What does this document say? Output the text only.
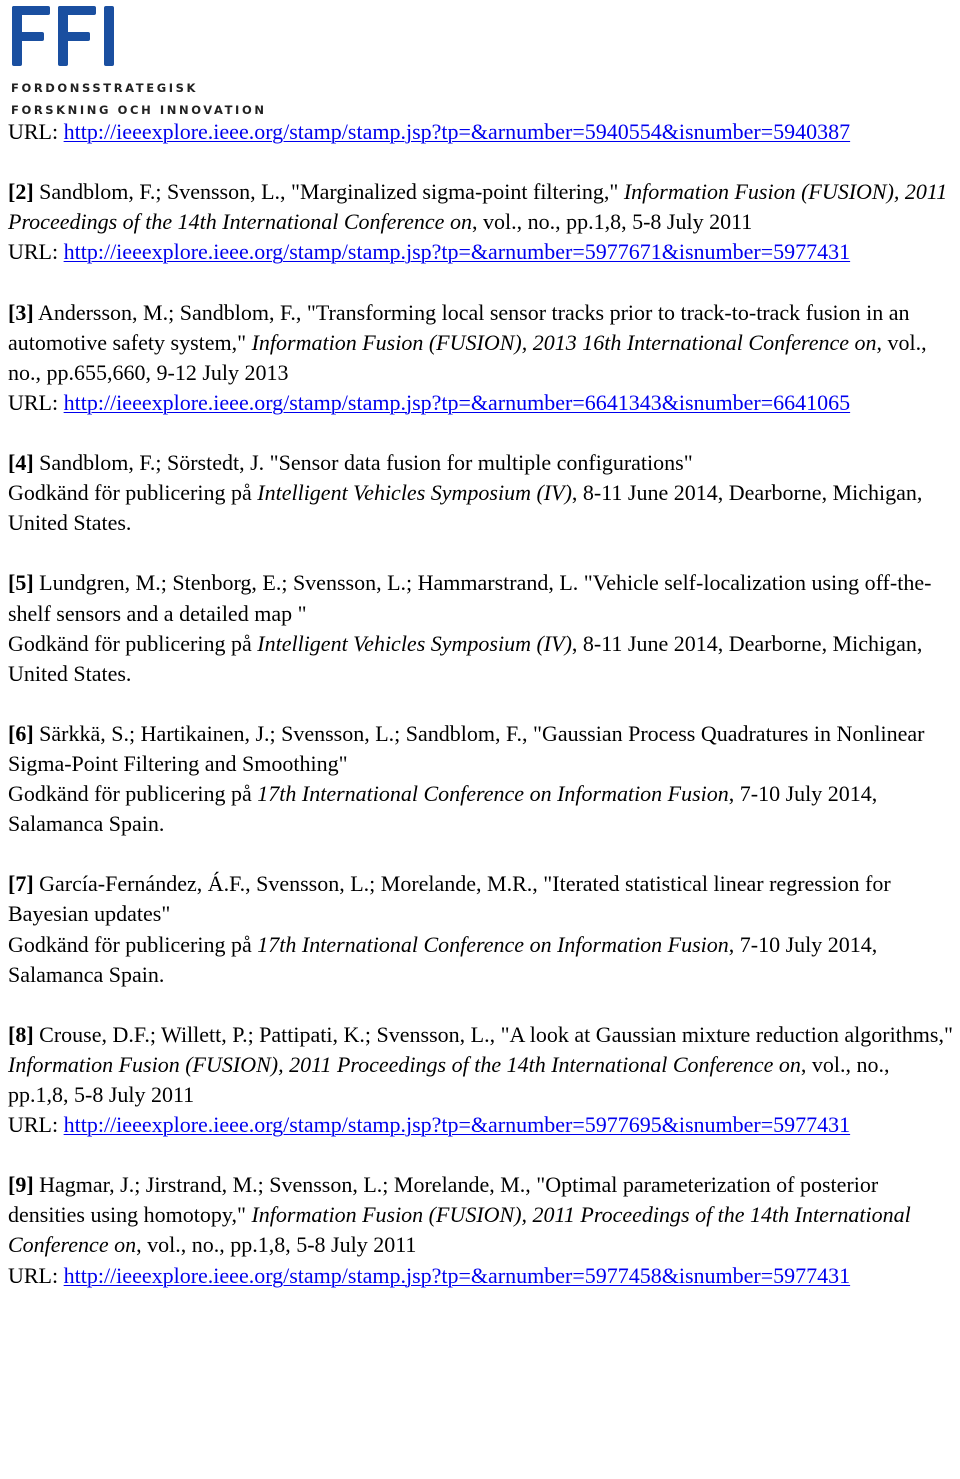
FORDONSSTRATEGISK
FORSKNING OCH INNOVATION
URL: http://ieeexplore.ieee.org/stamp/stamp.jsp?tp=&arnumber=5940554&isnumber=5940387
[2] Sandblom, F.; Svensson, L., "Marginalized sigma-point filtering," Information Fusion (FUSION), 2011 Proceedings of the 14th International Conference on, vol., no., pp.1,8, 5-8 July 2011
URL: http://ieeexplore.ieee.org/stamp/stamp.jsp?tp=&arnumber=5977671&isnumber=5977431
[3] Andersson, M.; Sandblom, F., "Transforming local sensor tracks prior to track-to-track fusion in an automotive safety system," Information Fusion (FUSION), 2013 16th International Conference on, vol., no., pp.655,660, 9-12 July 2013
URL: http://ieeexplore.ieee.org/stamp/stamp.jsp?tp=&arnumber=6641343&isnumber=6641065
[4] Sandblom, F.; Sörstedt, J. "Sensor data fusion for multiple configurations"
Godkänd för publicering på Intelligent Vehicles Symposium (IV), 8-11 June 2014, Dearborne, Michigan, United States.
[5] Lundgren, M.; Stenborg, E.; Svensson, L.; Hammarstrand, L. "Vehicle self-localization using off-the-shelf sensors and a detailed map "
Godkänd för publicering på Intelligent Vehicles Symposium (IV), 8-11 June 2014, Dearborne, Michigan, United States.
[6] Särkkä, S.; Hartikainen, J.; Svensson, L.; Sandblom, F., "Gaussian Process Quadratures in Nonlinear Sigma-Point Filtering and Smoothing"
Godkänd för publicering på 17th International Conference on Information Fusion, 7-10 July 2014, Salamanca Spain.
[7] García-Fernández, Á.F., Svensson, L.; Morelande, M.R., "Iterated statistical linear regression for Bayesian updates"
Godkänd för publicering på 17th International Conference on Information Fusion, 7-10 July 2014, Salamanca Spain.
[8] Crouse, D.F.; Willett, P.; Pattipati, K.; Svensson, L., "A look at Gaussian mixture reduction algorithms," Information Fusion (FUSION), 2011 Proceedings of the 14th International Conference on, vol., no., pp.1,8, 5-8 July 2011
URL: http://ieeexplore.ieee.org/stamp/stamp.jsp?tp=&arnumber=5977695&isnumber=5977431
[9] Hagmar, J.; Jirstrand, M.; Svensson, L.; Morelande, M., "Optimal parameterization of posterior densities using homotopy," Information Fusion (FUSION), 2011 Proceedings of the 14th International Conference on, vol., no., pp.1,8, 5-8 July 2011
URL: http://ieeexplore.ieee.org/stamp/stamp.jsp?tp=&arnumber=5977458&isnumber=5977431
